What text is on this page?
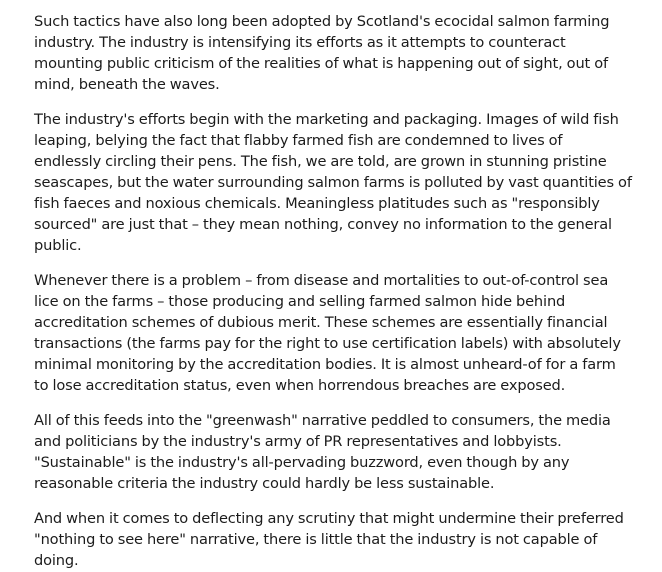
Such tactics have also long been adopted by Scotland's ecocidal salmon farming industry. The industry is intensifying its efforts as it attempts to counteract mounting public criticism of the realities of what is happening out of sight, out of mind, beneath the waves.

The industry's efforts begin with the marketing and packaging. Images of wild fish leaping, belying the fact that flabby farmed fish are condemned to lives of endlessly circling their pens. The fish, we are told, are grown in stunning pristine seascapes, but the water surrounding salmon farms is polluted by vast quantities of fish faeces and noxious chemicals. Meaningless platitudes such as "responsibly sourced" are just that – they mean nothing, convey no information to the general public.

Whenever there is a problem – from disease and mortalities to out-of-control sea lice on the farms – those producing and selling farmed salmon hide behind accreditation schemes of dubious merit. These schemes are essentially financial transactions (the farms pay for the right to use certification labels) with absolutely minimal monitoring by the accreditation bodies. It is almost unheard-of for a farm to lose accreditation status, even when horrendous breaches are exposed.

All of this feeds into the "greenwash" narrative peddled to consumers, the media and politicians by the industry's army of PR representatives and lobbyists. "Sustainable" is the industry's all-pervading buzzword, even though by any reasonable criteria the industry could hardly be less sustainable.

And when it comes to deflecting any scrutiny that might undermine their preferred "nothing to see here" narrative, there is little that the industry is not capable of doing.
